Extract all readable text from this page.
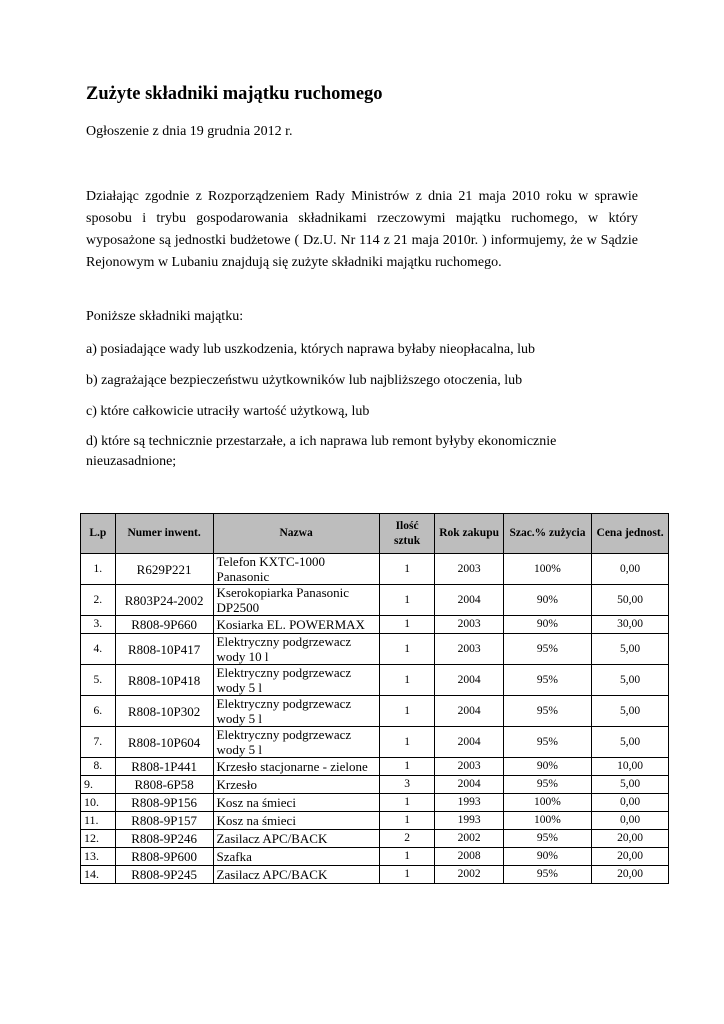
Zużyte składniki majątku ruchomego
Ogłoszenie z dnia 19 grudnia 2012 r.

Działając zgodnie z Rozporządzeniem Rady Ministrów z dnia 21 maja 2010 roku w sprawie sposobu i trybu gospodarowania składnikami rzeczowymi majątku ruchomego, w który wyposażone są jednostki budżetowe ( Dz.U. Nr 114 z 21 maja 2010r. ) informujemy, że w Sądzie Rejonowym w Lubaniu znajdują się zużyte składniki majątku ruchomego.

Poniższe składniki majątku:

a) posiadające wady lub uszkodzenia, których naprawa byłaby nieopłacalna, lub

b) zagrażające bezpieczeństwu użytkowników lub najbliższego otoczenia, lub

c) które całkowicie utraciły wartość użytkową, lub

d) które są technicznie przestarzałe, a ich naprawa lub remont byłyby ekonomicznie nieuzasadnione;

L.p	Numer inwent.	Nazwa	Ilość sztuk	Rok zakupu	Szac.% zużycia	Cena jednost.
1.	R629P221	Telefon KXTC-1000 Panasonic	1	2003	100%	0,00
2.	R803P24-2002	Kserokopiarka Panasonic DP2500	1	2004	90%	50,00
3.	R808-9P660	Kosiarka EL. POWERMAX	1	2003	90%	30,00
4.	R808-10P417	Elektryczny podgrzewacz wody 10 l	1	2003	95%	5,00
5.	R808-10P418	Elektryczny podgrzewacz wody 5 l	1	2004	95%	5,00
6.	R808-10P302	Elektryczny podgrzewacz wody 5 l	1	2004	95%	5,00
7.	R808-10P604	Elektryczny podgrzewacz wody 5 l	1	2004	95%	5,00
8.	R808-1P441	Krzesło stacjonarne - zielone	1	2003	90%	10,00
9.	R808-6P58	Krzesło	3	2004	95%	5,00
10.	R808-9P156	Kosz na śmieci	1	1993	100%	0,00
11.	R808-9P157	Kosz na śmieci	1	1993	100%	0,00
12.	R808-9P246	Zasilacz APC/BACK	2	2002	95%	20,00
13.	R808-9P600	Szafka	1	2008	90%	20,00
14.	R808-9P245	Zasilacz APC/BACK	1	2002	95%	20,00
